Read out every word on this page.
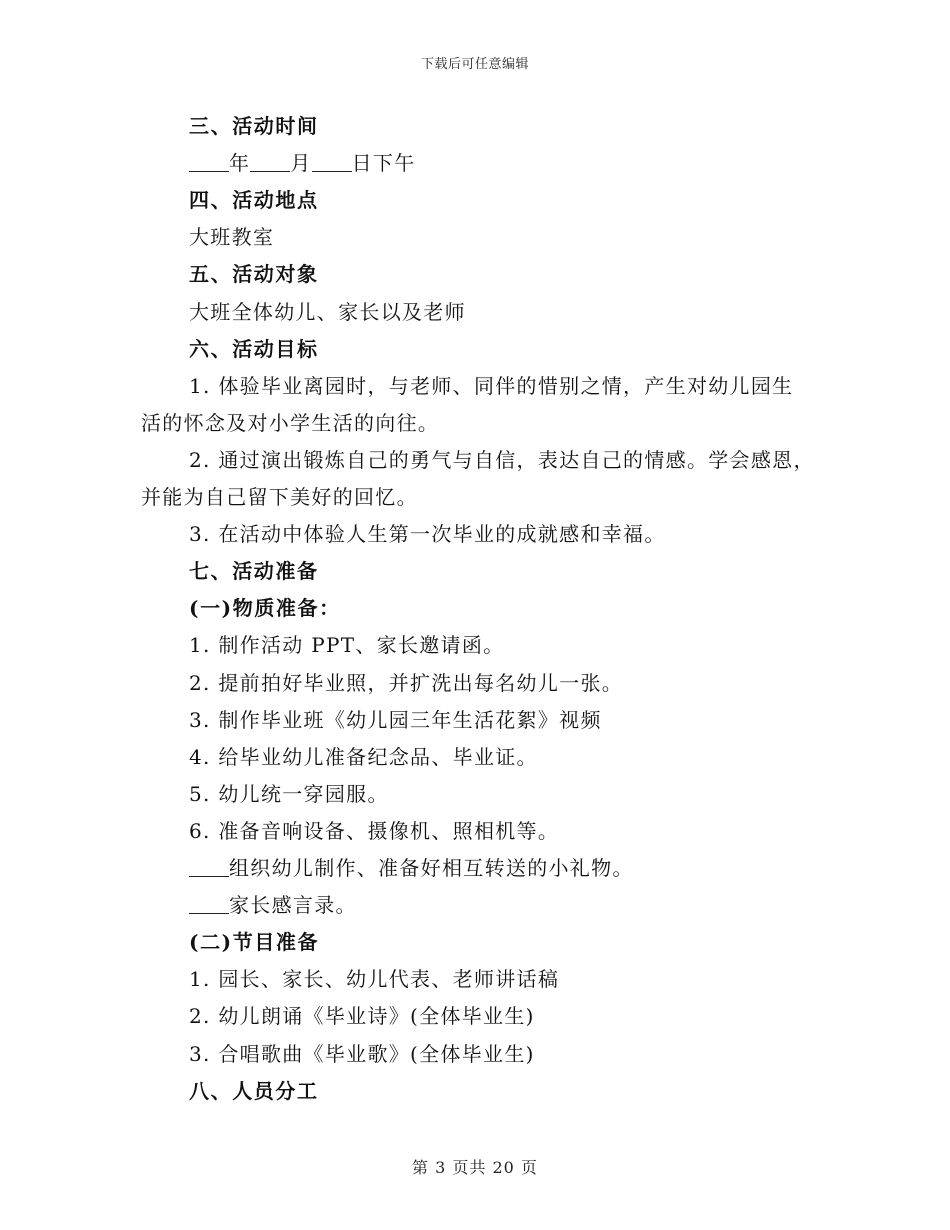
下载后可任意编辑

三、活动时间

年 月 日下午

四、活动地点

大班教室

五、活动对象

大班全体幼儿、家长以及老师

六、活动目标

1. 体验毕业离园时，与老师、同伴的惜别之情，产生对幼儿园生

活的怀念及对小学生活的向往。

2. 通过演出锻炼自己的勇气与自信，表达自己的情感。学会感恩，

并能为自己留下美好的回忆。

3. 在活动中体验人生第一次毕业的成就感和幸福。

七、活动准备

(一)物质准备：

1. 制作活动 PPT、家长邀请函。

2. 提前拍好毕业照，并扩洗出每名幼儿一张。

3. 制作毕业班《幼儿园三年生活花絮》视频

4. 给毕业幼儿准备纪念品、毕业证。

5. 幼儿统一穿园服。

6. 准备音响设备、摄像机、照相机等。

组织幼儿制作、准备好相互转送的小礼物。

家长感言录。

(二)节目准备

1. 园长、家长、幼儿代表、老师讲话稿

2. 幼儿朗诵《毕业诗》(全体毕业生)

3. 合唱歌曲《毕业歌》(全体毕业生)

八、人员分工

第 3 页共 20 页
